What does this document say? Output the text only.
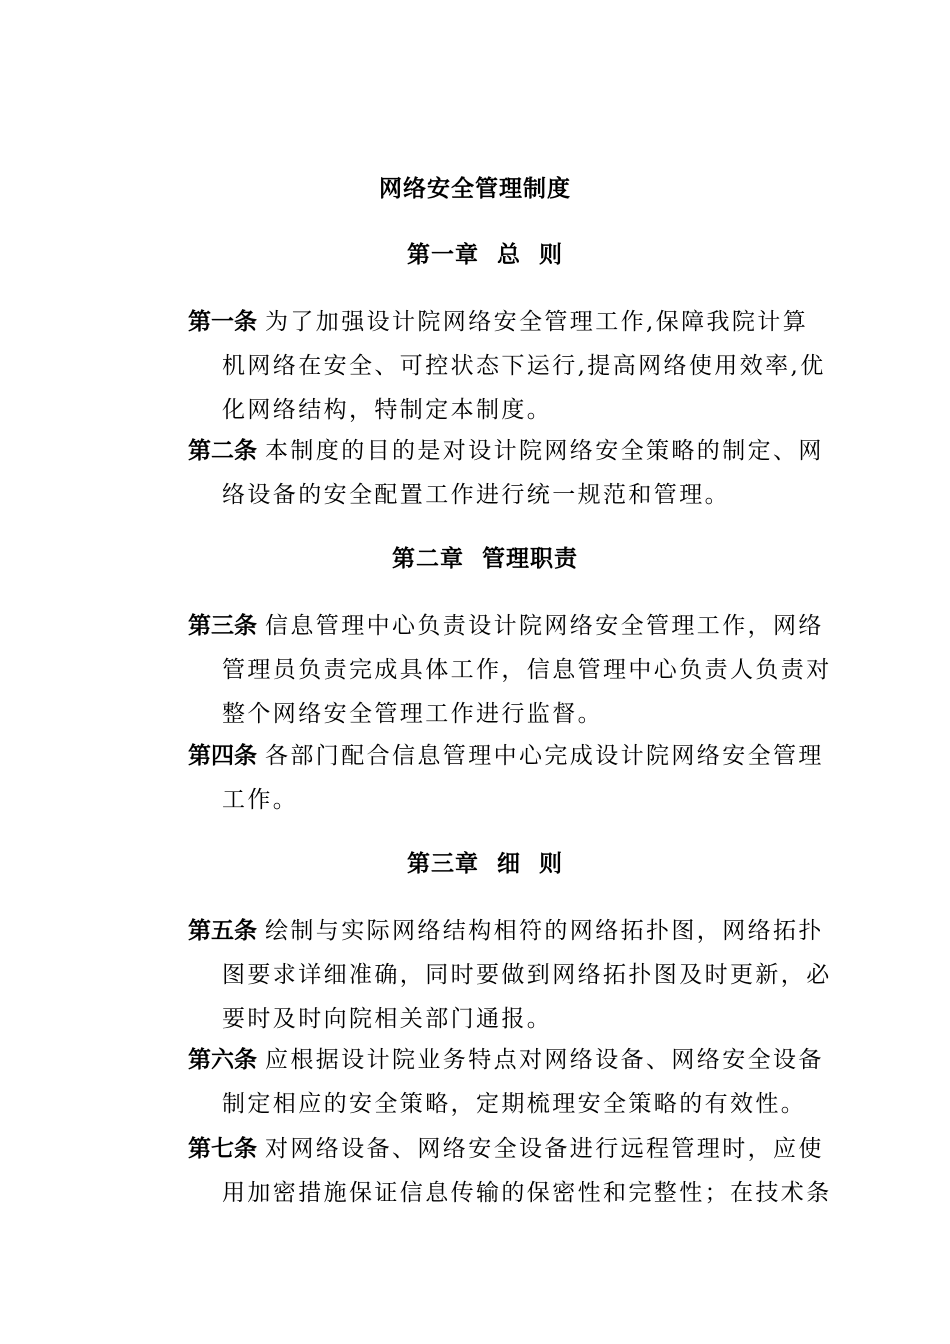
网络安全管理制度
第一章  总  则
第一条 为了加强设计院网络安全管理工作,保障我院计算
机网络在安全、可控状态下运行,提高网络使用效率,优
化网络结构，特制定本制度。
第二条 本制度的目的是对设计院网络安全策略的制定、网
络设备的安全配置工作进行统一规范和管理。
第二章  管理职责
第三条 信息管理中心负责设计院网络安全管理工作，网络
管理员负责完成具体工作，信息管理中心负责人负责对
整个网络安全管理工作进行监督。
第四条 各部门配合信息管理中心完成设计院网络安全管理
工作。
第三章  细  则
第五条 绘制与实际网络结构相符的网络拓扑图，网络拓扑
图要求详细准确，同时要做到网络拓扑图及时更新，必
要时及时向院相关部门通报。
第六条 应根据设计院业务特点对网络设备、网络安全设备
制定相应的安全策略，定期梳理安全策略的有效性。
第七条 对网络设备、网络安全设备进行远程管理时，应使
用加密措施保证信息传输的保密性和完整性；在技术条
